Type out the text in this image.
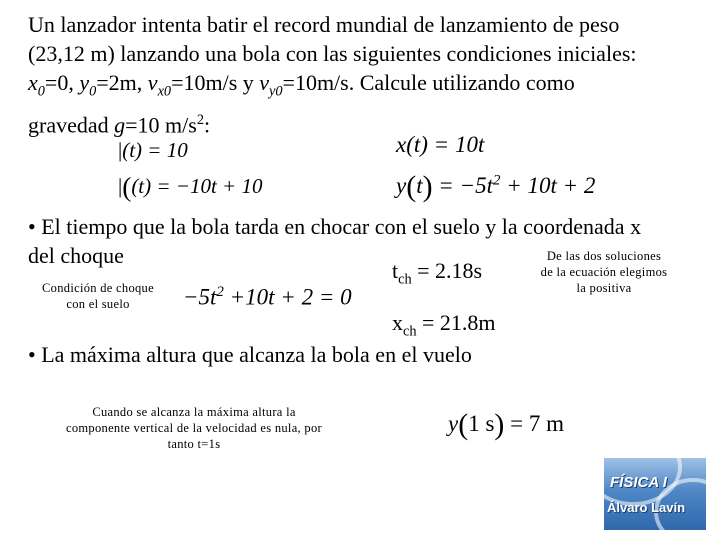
Un lanzador intenta batir el record mundial de lanzamiento de peso
(23,12 m) lanzando una bola con las siguientes condiciones iniciales:
$x_0=0$, $y_0=2m$, $v_{x0}=10m/s$ y $v_{y0}=10m/s$. Calcule utilizando como
gravedad g=10 $m/s^2$:
|(t) = 10
|((t) = −10t + 10
x(t) = 10t
$y(t) = -5t^2 + 10t + 2$
• El tiempo que la bola tarda en chocar con el suelo y la coordenada x
del choque
Condición de choque
con el suelo	$-5t^2 +10t + 2 = 0$
$t_{ch} = 2.18s$
De las dos soluciones
de la ecuación elegimos
la positiva
$x_{ch} = 21.8m$
• La máxima altura que alcanza la bola en el vuelo
Cuando se alcanza la máxima altura la
componente vertical de la velocidad es nula, por
tanto t=1s
y(1 s) = 7 m
FÍSICA I
Álvaro Lavín
